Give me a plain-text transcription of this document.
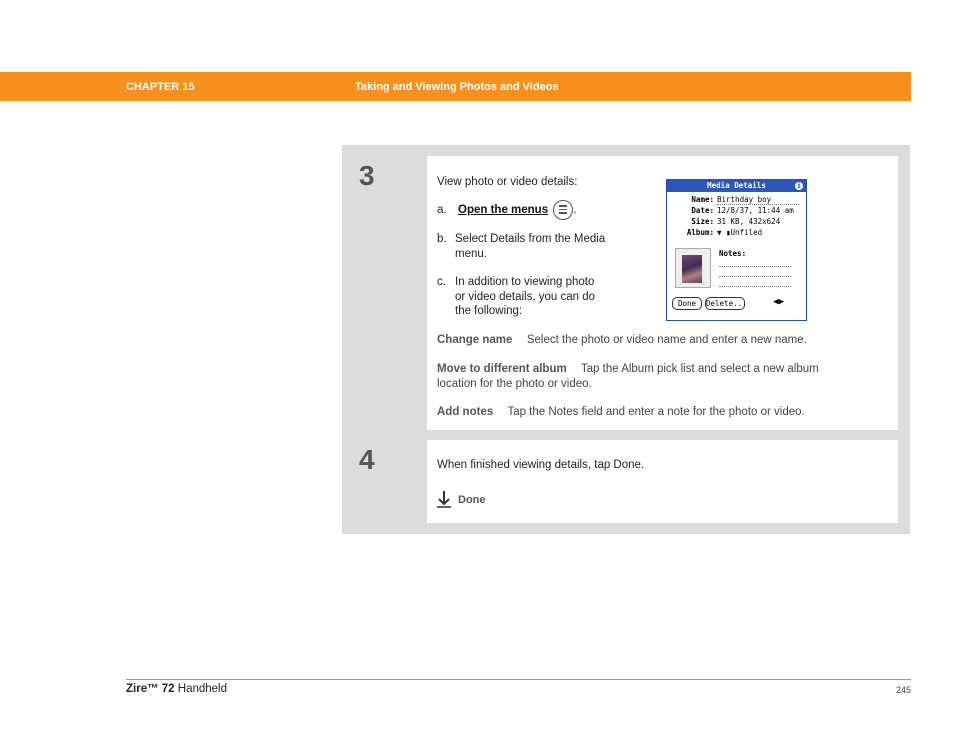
CHAPTER 15	Taking and Viewing Photos and Videos
3	View photo or video details:
a. Open the menus .
b. Select Details from the Media
menu.
c. In addition to viewing photo
or video details, you can do
the following:
Media Details	i
Name: Birthday boy
Date: 12/8/37, 11:44 am
Size: 31 KB, 432x624
Album: ▼ ▮Unfiled
Notes:
Done	Delete...	◀▶
Change name Select the photo or video name and enter a new name.
Move to different album Tap the Album pick list and select a new album
location for the photo or video.
Add notes Tap the Notes field and enter a note for the photo or video.
4	When finished viewing details, tap Done.
Done
Zire™ 72 Handheld	245
